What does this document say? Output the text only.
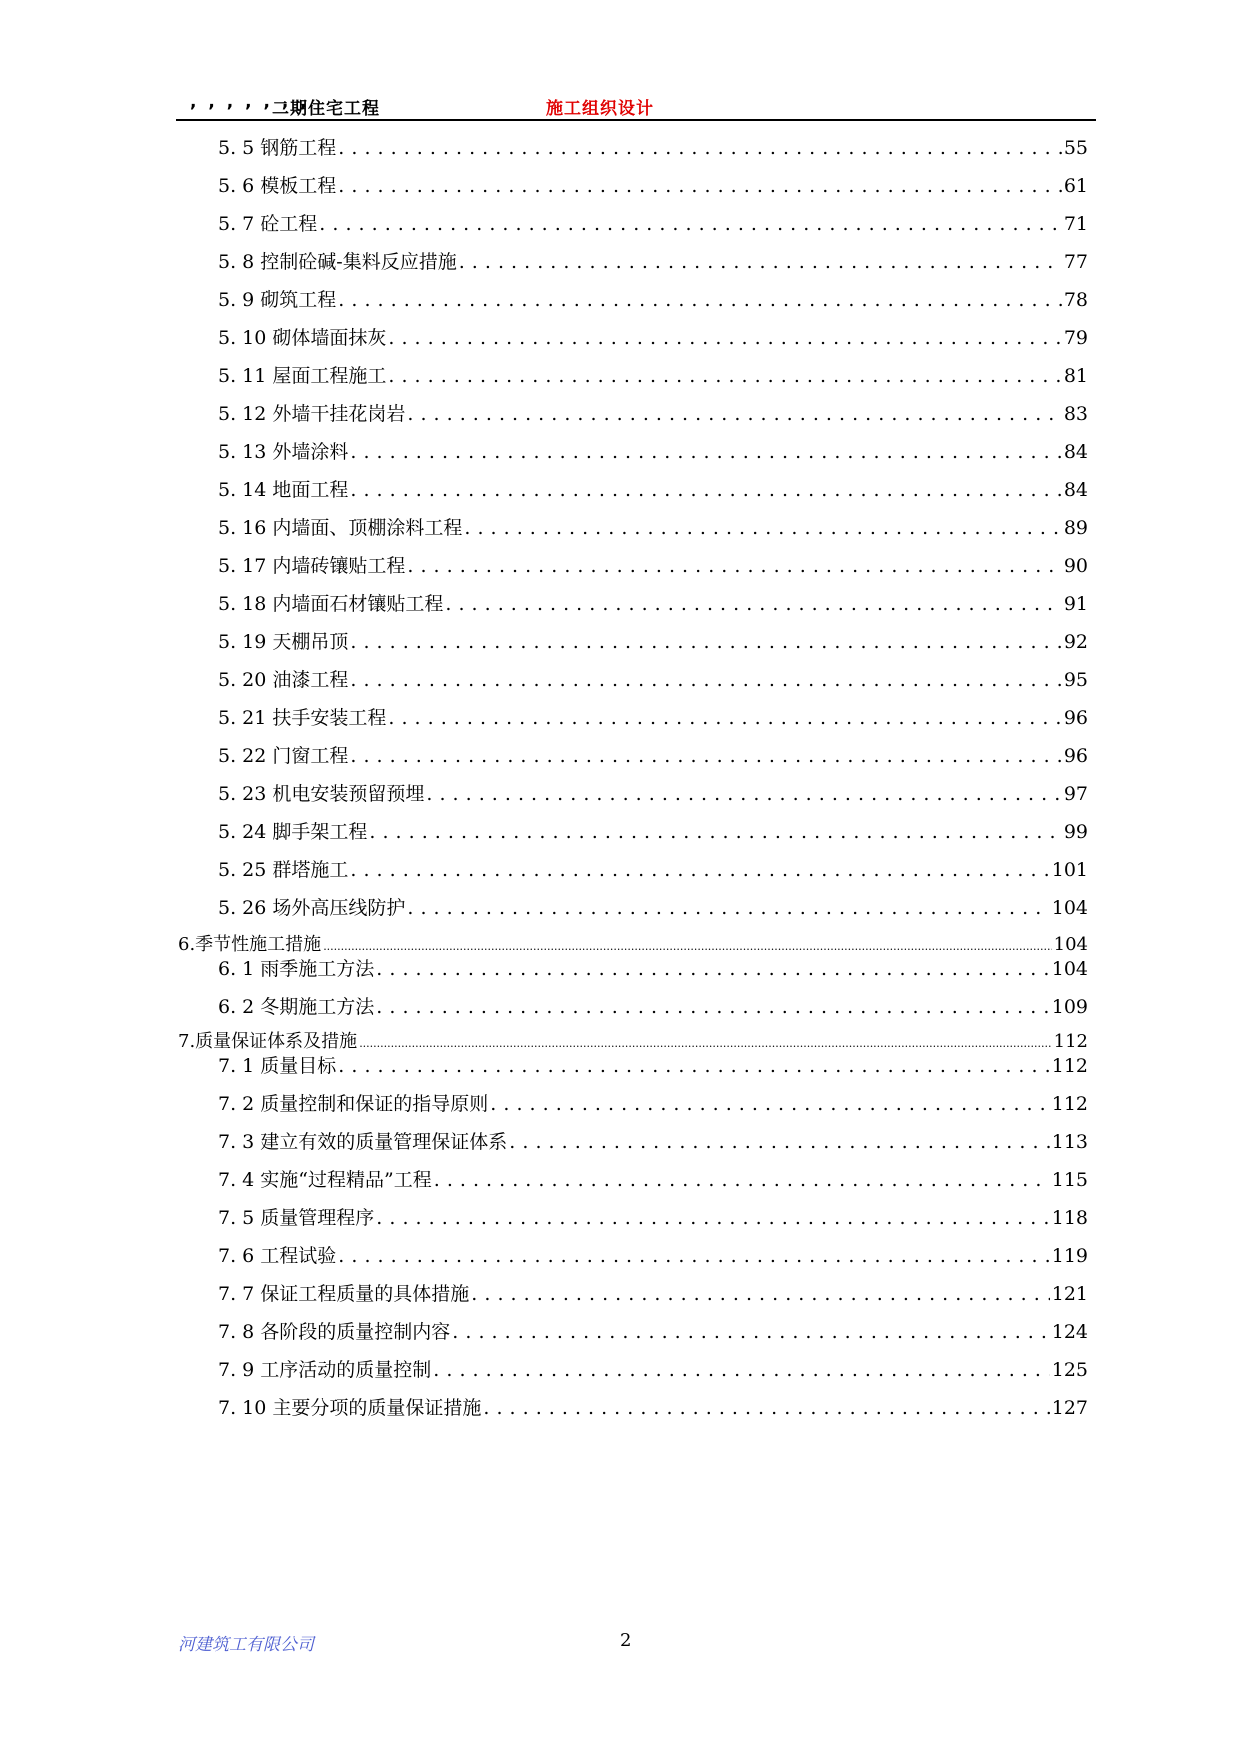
, , , , , , ,
二期住宅工程	施工组织设计
5. 5 钢筋工程 . . .	55
5. 6 模板工程 . . .	61
5. 7 砼工程 . . .	71
5. 8 控制砼碱-集料反应措施 . . .	77
5. 9 砌筑工程 . . .	78
5. 10 砌体墙面抹灰 . . .	79
5. 11 屋面工程施工 . . .	81
5. 12 外墙干挂花岗岩 . . .	83
5. 13 外墙涂料 . . .	84
5. 14 地面工程 . . .	84
5. 16 内墙面、顶棚涂料工程 . . .	89
5. 17 内墙砖镶贴工程 . . .	90
5. 18 内墙面石材镶贴工程 . . .	91
5. 19 天棚吊顶 . . .	92
5. 20 油漆工程 . . .	95
5. 21 扶手安装工程 . . .	96
5. 22 门窗工程 . . .	96
5. 23 机电安装预留预埋 . . .	97
5. 24 脚手架工程 . . .	99
5. 25 群塔施工 . . .	101
5. 26 场外高压线防护 . . .	104
6.季节性施工措施 .....	104
6. 1 雨季施工方法 . . .	104
6. 2 冬期施工方法 . . .	109
7.质量保证体系及措施 .....	112
7. 1 质量目标 . . .	112
7. 2 质量控制和保证的指导原则 . . .	112
7. 3 建立有效的质量管理保证体系 . . .	113
7. 4 实施“过程精品”工程 . . .	115
7. 5 质量管理程序 . . .	118
7. 6 工程试验 . . .	119
7. 7 保证工程质量的具体措施 . . .	121
7. 8 各阶段的质量控制内容 . . .	124
7. 9 工序活动的质量控制 . . .	125
7. 10 主要分项的质量保证措施 . . .	127
河建筑工有限公司	2
